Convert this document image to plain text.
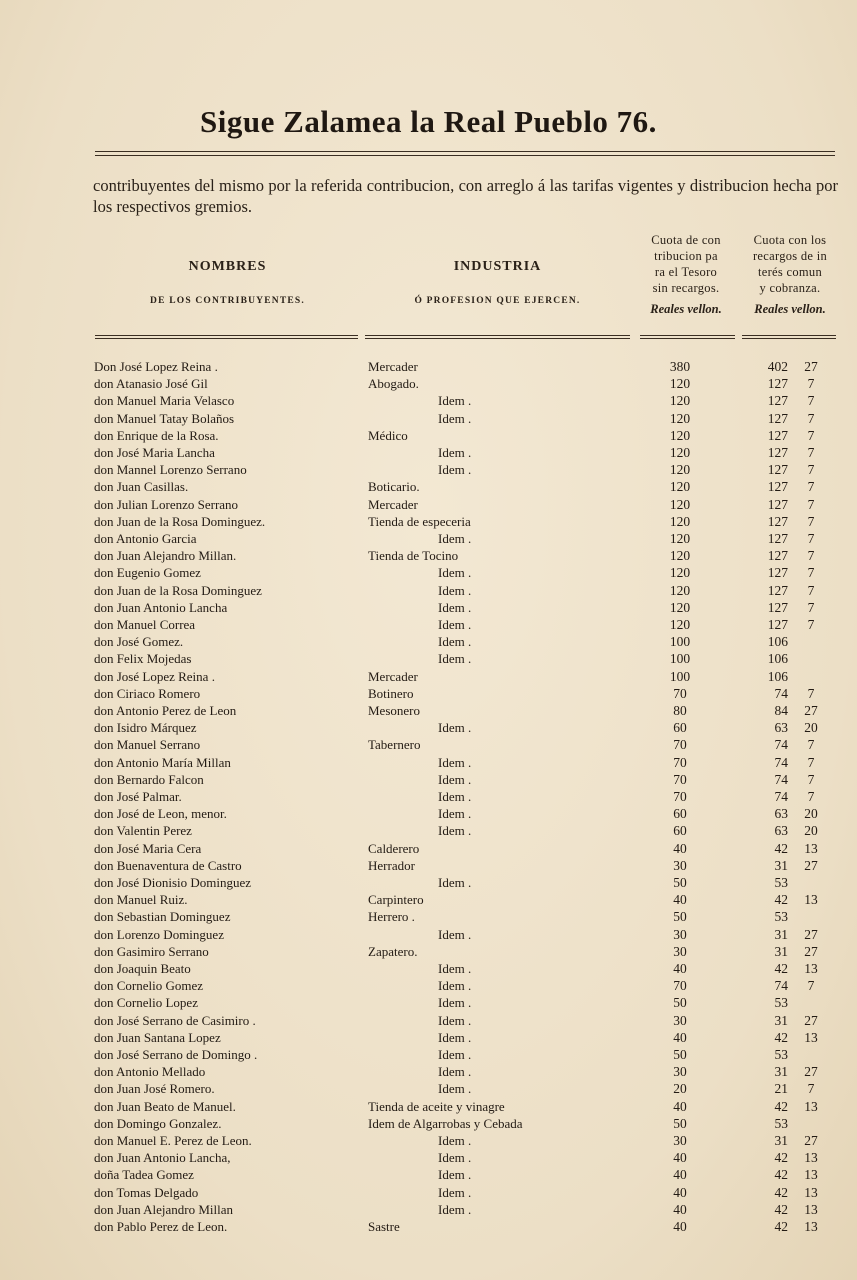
Sigue Zalamea la Real Pueblo 76.
contribuyentes del mismo por la referida contribucion, con arreglo á las tarifas vigentes y distribucion hecha por los respectivos gremios.
NOMBRES
DE LOS CONTRIBUYENTES.
INDUSTRIA
Ó PROFESION QUE EJERCEN.
Cuota de con
tribucion pa
ra el Tesoro
sin recargos.
Reales vellon.
Cuota con los
recargos de in
terés comun
y cobranza.
Reales vellon.
Don José Lopez Reina .	Mercader	380	402	27
don Atanasio José Gil	Abogado.	120	127	7
don Manuel Maria Velasco	Idem .	120	127	7
don Manuel Tatay Bolaños	Idem .	120	127	7
don Enrique de la Rosa.	Médico	120	127	7
don José Maria Lancha	Idem .	120	127	7
don Mannel Lorenzo Serrano	Idem .	120	127	7
don Juan Casillas.	Boticario.	120	127	7
don Julian Lorenzo Serrano	Mercader	120	127	7
don Juan de la Rosa Dominguez.	Tienda de especeria	120	127	7
don Antonio Garcia	Idem .	120	127	7
don Juan Alejandro Millan.	Tienda de Tocino	120	127	7
don Eugenio Gomez	Idem .	120	127	7
don Juan de la Rosa Dominguez	Idem .	120	127	7
don Juan Antonio Lancha	Idem .	120	127	7
don Manuel Correa	Idem .	120	127	7
don José Gomez.	Idem .	100	106
don Felix Mojedas	Idem .	100	106
don José Lopez Reina .	Mercader	100	106
don Ciriaco Romero	Botinero	70	74	7
don Antonio Perez de Leon	Mesonero	80	84	27
don Isidro Márquez	Idem .	60	63	20
don Manuel Serrano	Tabernero	70	74	7
don Antonio María Millan	Idem .	70	74	7
don Bernardo Falcon	Idem .	70	74	7
don José Palmar.	Idem .	70	74	7
don José de Leon, menor.	Idem .	60	63	20
don Valentin Perez	Idem .	60	63	20
don José Maria Cera	Calderero	40	42	13
don Buenaventura de Castro	Herrador	30	31	27
don José Dionisio Dominguez	Idem .	50	53
don Manuel Ruiz.	Carpintero	40	42	13
don Sebastian Dominguez	Herrero .	50	53
don Lorenzo Dominguez	Idem .	30	31	27
don Gasimiro Serrano	Zapatero.	30	31	27
don Joaquin Beato	Idem .	40	42	13
don Cornelio Gomez	Idem .	70	74	7
don Cornelio Lopez	Idem .	50	53
don José Serrano de Casimiro .	Idem .	30	31	27
don Juan Santana Lopez	Idem .	40	42	13
don José Serrano de Domingo .	Idem .	50	53
don Antonio Mellado	Idem .	30	31	27
don Juan José Romero.	Idem .	20	21	7
don Juan Beato de Manuel.	Tienda de aceite y vinagre	40	42	13
don Domingo Gonzalez.	Idem de Algarrobas y Cebada	50	53
don Manuel E. Perez de Leon.	Idem .	30	31	27
don Juan Antonio Lancha,	Idem .	40	42	13
doña Tadea Gomez	Idem .	40	42	13
don Tomas Delgado	Idem .	40	42	13
don Juan Alejandro Millan	Idem .	40	42	13
don Pablo Perez de Leon.	Sastre	40	42	13
